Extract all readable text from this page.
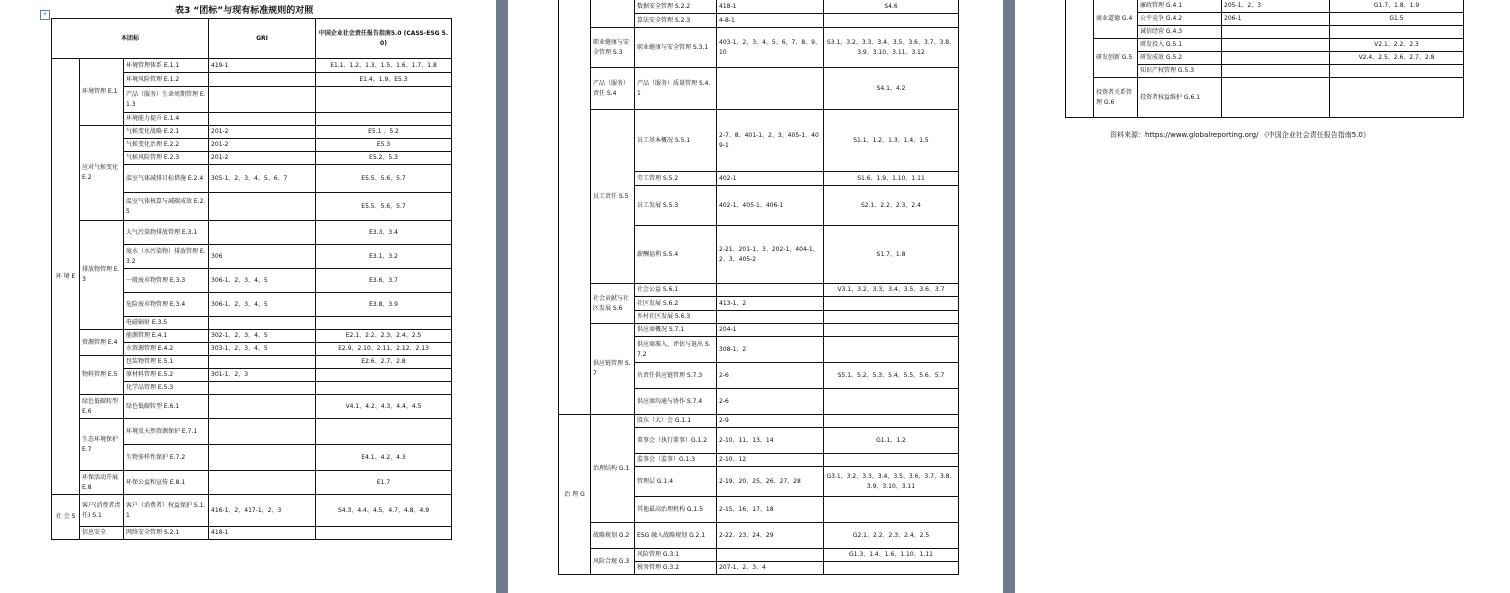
+	表3 “团标”与现有标准规则的对照
本团标			GRI	中国企业社会责任报告指南5.0 (CASS-ESG 5.0)
环 境 E	环境管理 E.1	环境管理体系 E.1.1	419-1	E1.1、1.2、1.3、1.5、1.6、1.7、1.8
		环境风险管理 E.1.2		E1.4、1.9、E5.3
		产品（服务）生命周期管理 E.1.3		
		环境能力提升 E.1.4		
	应对气候变化 E.2	气候变化战略 E.2.1	201-2	E5.1 、5.2
		气候变化治理 E.2.2	201-2	E5.3
		气候风险管理 E.2.3	201-2	E5.2、5.3
		温室气体减排目标措施 E.2.4	305-1、2、3、4、5、6、7	E5.5、5.6、5.7
		温室气体核算与减碳成效 E.2.5		E5.5、5.6、5.7
	排放物管理 E.3	大气污染物排放管理 E.3.1		E3.3、3.4
		废水（水污染物）排放管理 E.3.2	306	E3.1、3.2
		一般废弃物管理 E.3.3	306-1、2、3、4、5	E3.6、3.7
		危险废弃物管理 E.3.4	306-1、2、3、4、5	E3.8、3.9
		电磁辐射 E.3.5		
	资源管理 E.4	能源管理 E.4.1	302-1、2、3、4、5	E2.1、2.2、2.3、2.4、2.5
		水资源管理 E.4.2	303-1、2、3、4、5	E2.9、2.10、2.11、2.12、2.13
	物料管理 E.5	包装物管理 E.5.1		E2.6、2.7、2.8
		原材料管理 E.5.2	301-1、2、3	
		化学品管理 E.5.3		
	绿色低碳转型 E.6	绿色低碳转型 E.6.1		V4.1、4.2、4.3、4.4、4.5
	生态环境保护 E.7	环境及天然资源保护 E.7.1		
		生物多样性保护 E.7.2		E4.1、4.2、4.3
	环保活动开展 E.8	环保公益和宣传 E.8.1		E1.7
社 会 S	客户(消费者责任) S.1	客户（消费者）权益保护 S.1.1	416-1、2、417-1、2、3	S4.3、4.4、4.5、4.7、4.8、4.9
	信息安全	网络安全管理 S.2.1	418-1	
		数据安全管理 S.2.2	418-1	S4.6
		算法安全管理 S.2.3	4-8-1	
	职业健康与安全管理 S.3	职业健康与安全管理 S.3.1	403-1、2、3、4、5、6、7、8、9、10	S3.1、3.2、3.3、3.4、3.5、3.6、3.7、3.8、3.9、3.10、3.11、3.12
	产品（服务）责任 S.4	产品（服务）质量管理 S.4.1		S4.1、4.2
	员工责任 S.5	员工基本概况 S.5.1	2-7、8、401-1、2、3、405-1、409-1	S1.1、1.2、1.3、1.4、1.5
		劳工管理 S.5.2	402-1	S1.6、1.9、1.10、1.11
		员工发展 S.5.3	402-1、405-1、406-1	S2.1、2.2、2.3、2.4
		薪酬福利 S.5.4	2-21、201-1、3、202-1、404-1、2、3、405-2	S1.7、1.8
	社会贡献与社区发展 S.6	社会公益 S.6.1		V3.1、3.2、3.3、3.4、3.5、3.6、3.7
		社区发展 S.6.2	413-1、2	
		乡村社区发展 S.6.3		
	供应链管理 S.7	供应商概况 S.7.1	204-1	
		供应商准入、评估与退出 S.7.2	308-1、2	
		负责任供应链管理 S.7.3	2-6	S5.1、5.2、5.3、5.4、5.5、5.6、5.7
		供应商沟通与协作 S.7.4	2-6	
治 理 G	治理结构 G.1	股东（大）会 G.1.1	2-9	
		董事会（执行董事）G.1.2	2-10、11、13、14	G1.1、1.2
		监事会（监事）G.1.3	2-10、12	
		管理层 G.1.4	2-19、20、25、26、27、28	G3.1、3.2、3.3、3.4、3.5、3.6、3.7、3.8、3.9、3.10、3.11
		其他最高治理机构 G.1.5	2-15、16、17、18	
	战略规划 G.2	ESG 融入战略规划 G.2.1	2-22、23、24、29	G2.1、2.2、2.3、2.4、2.5
	风险合规 G.3	风险管理 G.3.1		G1.3、1.4、1.6、1.10、1.11
		税务管理 G.3.2	207-1、2、3、4	
	商业道德 G.4	廉政管理 G.4.1	205-1、2、3	G1.7、1.8、1.9
		公平竞争 G.4.2	206-1	G1.5
		诚信经营 G.4.3		
	研发创新 G.5	研发投入 G.5.1		V2.1、2.2、2.3
		研发成效 G.5.2		V2.4、2.5、2.6、2.7、2.8
		知识产权管理 G.5.3		
	投资者关系管理 G.6	投资者权益维护 G.6.1		
资料来源：https://www.globalreporting.org/ 《中国企业社会责任报告指南5.0》
